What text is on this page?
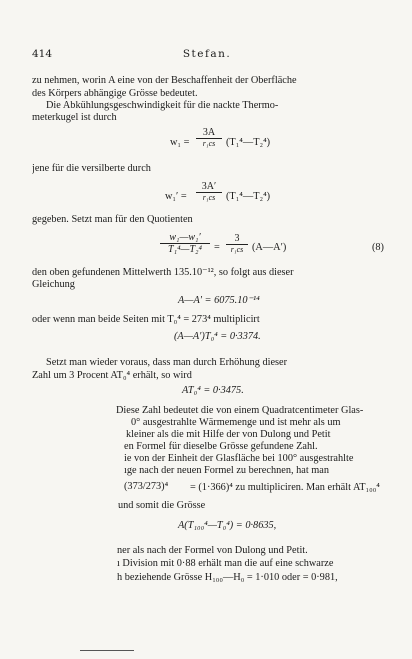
414	Stefan.
zu nehmen, worin A eine von der Beschaffenheit der Oberfläche
des Körpers abhängige Grösse bedeutet.
Die Abkühlungsgeschwindigkeit für die nackte Thermo-
meterkugel ist durch
w₁ =
3A
r₁cs (T₁⁴—T₂⁴)
jene für die versilberte durch
w₁′ =
3A′
r₁cs (T₁⁴—T₂⁴)
gegeben. Setzt man für den Quotienten
w₁—w₁′
T₁⁴—T₂⁴ =
3
r₁cs (A—A′)	(8)
den oben gefundenen Mittelwerth 135.10⁻¹², so folgt aus dieser
Gleichung
A—A′ = 6075.10⁻¹⁴
oder wenn man beide Seiten mit T₀⁴ = 273⁴ multiplicirt
(A—A′)T₀⁴ = 0·3374.
Setzt man wieder voraus, dass man durch Erhöhung dieser
Zahl um 3 Procent AT₀⁴ erhält, so wird
AT₀⁴ = 0·3475.
Diese Zahl bedeutet die von einem Quadratcentimeter Glas-
0° ausgestrahlte Wärmemenge und ist mehr als um
kleiner als die mit Hilfe der von Dulong und Petit
en Formel für dieselbe Grösse gefundene Zahl.
ie von der Einheit der Glasfläche bei 100° ausgestrahlte
ıge nach der neuen Formel zu berechnen, hat man
(373/273)⁴ = (1·366)⁴ zu multipliciren. Man erhält AT₁₀₀⁴
und somit die Grösse
A(T₁₀₀⁴—T₀⁴) = 0·8635,
ner als nach der Formel von Dulong und Petit.
ı Division mit 0·88 erhält man die auf eine schwarze
h beziehende Grösse H₁₀₀—H₀ = 1·010 oder = 0·981,
